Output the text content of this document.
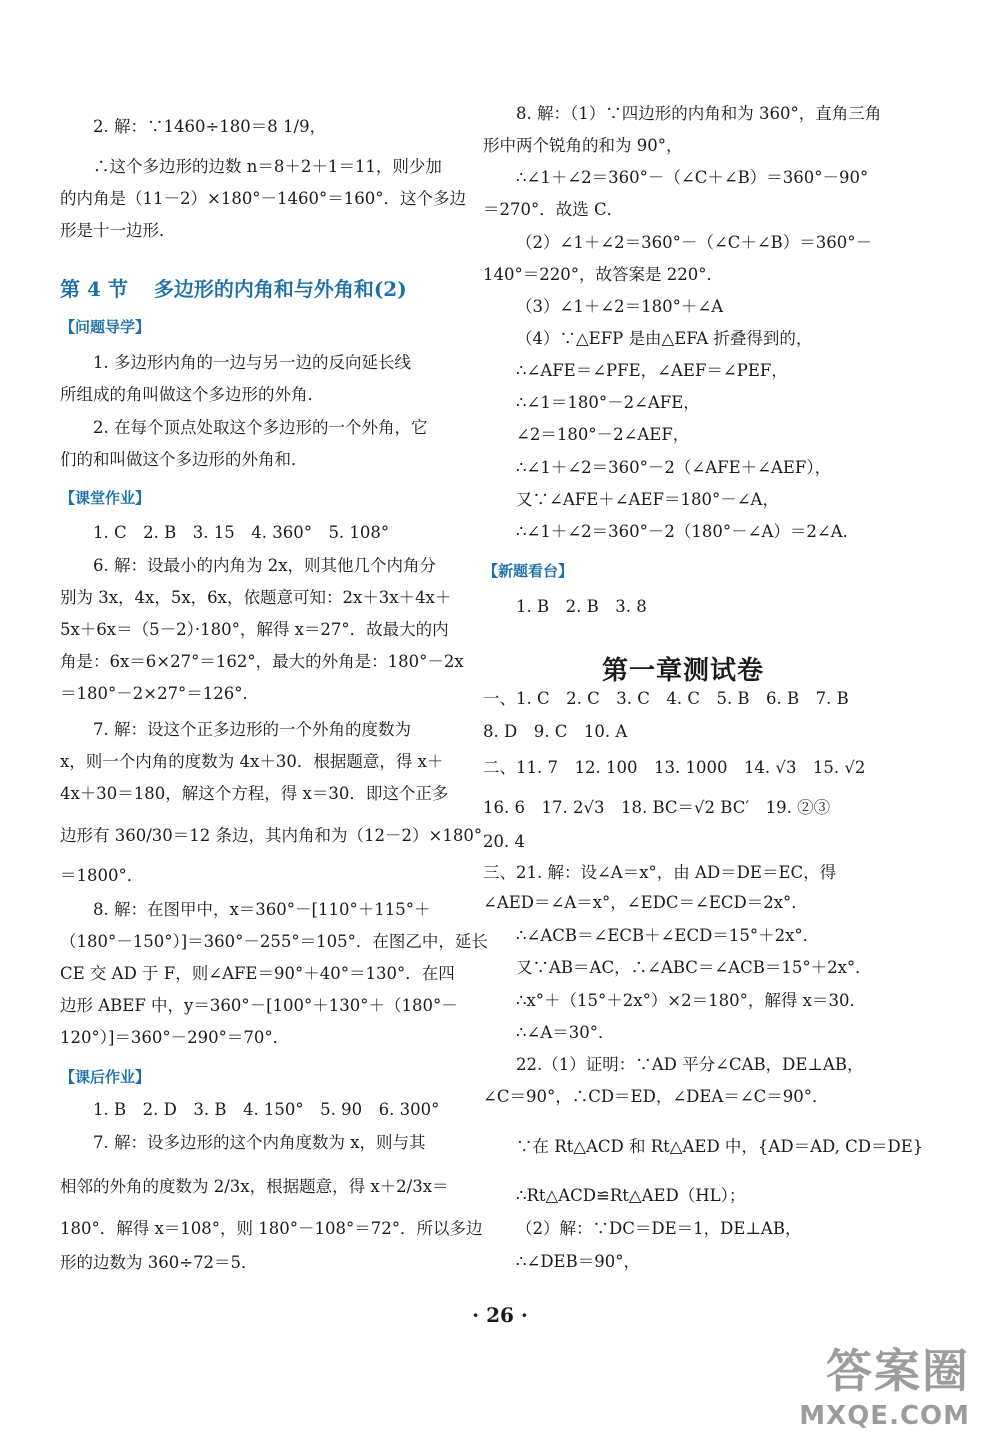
第 4 节 多边形的内角和与外角和(2)
2. 解：∵1460÷180＝8 1/9，
∴这个多边形的边数 n＝8＋2＋1＝11，则少加
的内角是（11－2）×180°－1460°＝160°．这个多边
形是十一边形．
【问题导学】
1. 多边形内角的一边与另一边的反向延长线
所组成的角叫做这个多边形的外角．
2. 在每个顶点处取这个多边形的一个外角，它
们的和叫做这个多边形的外角和．
【课堂作业】
1. C　2. B　3. 15　4. 360°　5. 108°
6. 解：设最小的内角为 2x，则其他几个内角分
别为 3x，4x，5x，6x，依题意可知：2x＋3x＋4x＋
5x＋6x＝（5－2）·180°，解得 x＝27°．故最大的内
角是：6x＝6×27°＝162°，最大的外角是：180°－2x
＝180°－2×27°＝126°．
7. 解：设这个正多边形的一个外角的度数为
x，则一个内角的度数为 4x＋30．根据题意，得 x＋
4x＋30＝180，解这个方程，得 x＝30．即这个正多
边形有 360/30＝12 条边，其内角和为（12－2）×180°
＝1800°．
8. 解：在图甲中，x＝360°－[110°＋115°＋
（180°－150°）]＝360°－255°＝105°．在图乙中，延长
CE 交 AD 于 F，则∠AFE＝90°＋40°＝130°．在四
边形 ABEF 中，y＝360°－[100°＋130°＋（180°－
120°）]＝360°－290°＝70°．
【课后作业】
1. B　2. D　3. B　4. 150°　5. 90　6. 300°
7. 解：设多边形的这个内角度数为 x，则与其
相邻的外角的度数为 2/3x，根据题意，得 x＋2/3x＝
180°．解得 x＝108°，则 180°－108°＝72°．所以多边
形的边数为 360÷72＝5．
第一章测试卷
8. 解：（1）∵四边形的内角和为 360°，直角三角
形中两个锐角的和为 90°，
∴∠1＋∠2＝360°－（∠C＋∠B）＝360°－90°
＝270°．故选 C．
（2）∠1＋∠2＝360°－（∠C＋∠B）＝360°－
140°＝220°，故答案是 220°．
（3）∠1＋∠2＝180°＋∠A
（4）∵△EFP 是由△EFA 折叠得到的，
∴∠AFE＝∠PFE，∠AEF＝∠PEF，
∴∠1＝180°－2∠AFE，
∠2＝180°－2∠AEF，
∴∠1＋∠2＝360°－2（∠AFE＋∠AEF），
又∵∠AFE＋∠AEF＝180°－∠A，
∴∠1＋∠2＝360°－2（180°－∠A）＝2∠A．
【新题看台】
1. B　2. B　3. 8
一、1. C　2. C　3. C　4. C　5. B　6. B　7. B
8. D　9. C　10. A
二、11. 7　12. 100　13. 1000　14. √3　15. √2
16. 6　17. 2√3　18. BC＝√2 BC′　19. ②③
20. 4
三、21. 解：设∠A＝x°，由 AD＝DE＝EC，得
∠AED＝∠A＝x°，∠EDC＝∠ECD＝2x°．
∴∠ACB＝∠ECB＋∠ECD＝15°＋2x°．
又∵AB＝AC，∴∠ABC＝∠ACB＝15°＋2x°．
∴x°＋（15°＋2x°）×2＝180°，解得 x＝30．
∴∠A＝30°．
22.（1）证明：∵AD 平分∠CAB，DE⊥AB，
∠C＝90°，∴CD＝ED，∠DEA＝∠C＝90°．
∵在 Rt△ACD 和 Rt△AED 中，{AD＝AD, CD＝DE}
∴Rt△ACD≌Rt△AED（HL）；
（2）解：∵DC＝DE＝1，DE⊥AB，
∴∠DEB＝90°，
· 26 ·
答案圈
MXQE.COM
